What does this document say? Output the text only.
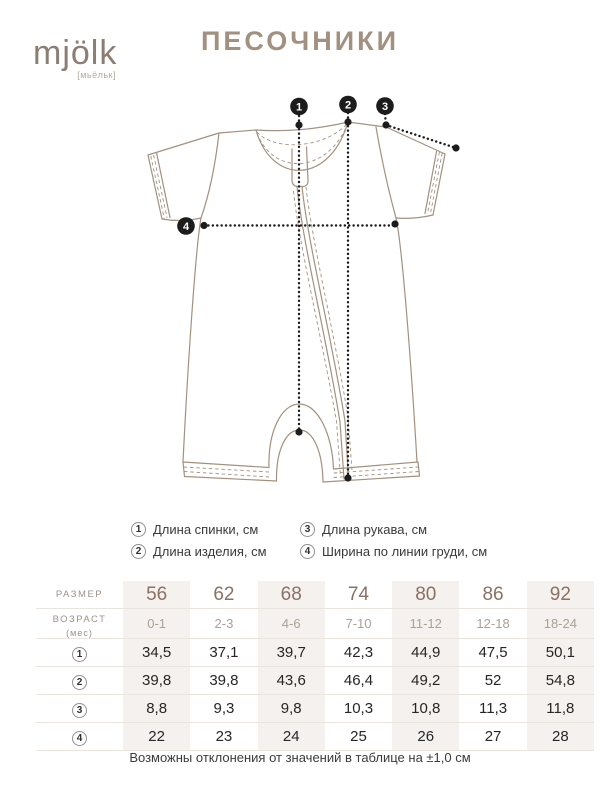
mjölk
[мьёльк]
ПЕСОЧНИКИ
1	2	3
4
1 Длина спинки, см
2 Длина изделия, см
3 Длина рукава, см
4 Ширина по линии груди, см
РАЗМЕР	56	62	68	74	80	86	92
ВОЗРАСТ
(мес)	0-1	2-3	4-6	7-10	11-12	12-18	18-24
1	34,5	37,1	39,7	42,3	44,9	47,5	50,1
2	39,8	39,8	43,6	46,4	49,2	52	54,8
3	8,8	9,3	9,8	10,3	10,8	11,3	11,8
4	22	23	24	25	26	27	28
Возможны отклонения от значений в таблице на ±1,0 см
